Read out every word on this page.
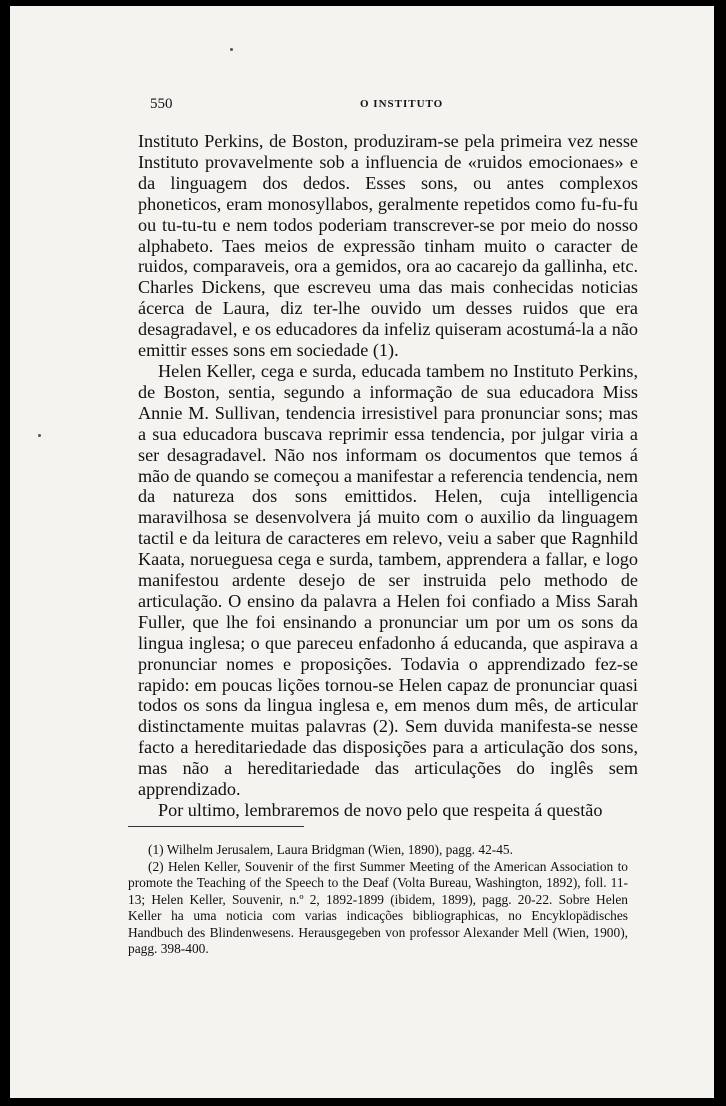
550	O INSTITUTO

Instituto Perkins, de Boston, produziram-se pela primeira vez nesse Instituto provavelmente sob a influencia de «ruidos emocionaes» e da linguagem dos dedos. Esses sons, ou antes complexos phoneticos, eram monosyllabos, geralmente repetidos como fu-fu-fu ou tu-tu-tu e nem todos poderiam transcrever-se por meio do nosso alphabeto. Taes meios de expressão tinham muito o caracter de ruidos, comparaveis, ora a gemidos, ora ao cacarejo da gallinha, etc. Charles Dickens, que escreveu uma das mais conhecidas noticias ácerca de Laura, diz ter-lhe ouvido um desses ruidos que era desagradavel, e os educadores da infeliz quiseram acostumá-la a não emittir esses sons em sociedade (1).

Helen Keller, cega e surda, educada tambem no Instituto Perkins, de Boston, sentia, segundo a informação de sua educadora Miss Annie M. Sullivan, tendencia irresistivel para pronunciar sons; mas a sua educadora buscava reprimir essa tendencia, por julgar viria a ser desagradavel. Não nos informam os documentos que temos á mão de quando se começou a manifestar a referencia tendencia, nem da natureza dos sons emittidos. Helen, cuja intelligencia maravilhosa se desenvolvera já muito com o auxilio da linguagem tactil e da leitura de caracteres em relevo, veiu a saber que Ragnhild Kaata, norueguesa cega e surda, tambem, apprendera a fallar, e logo manifestou ardente desejo de ser instruida pelo methodo de articulação. O ensino da palavra a Helen foi confiado a Miss Sarah Fuller, que lhe foi ensinando a pronunciar um por um os sons da lingua inglesa; o que pareceu enfadonho á educanda, que aspirava a pronunciar nomes e proposições. Todavia o apprendizado fez-se rapido: em poucas lições tornou-se Helen capaz de pronunciar quasi todos os sons da lingua inglesa e, em menos dum mês, de articular distinctamente muitas palavras (2). Sem duvida manifesta-se nesse facto a hereditariedade das disposições para a articulação dos sons, mas não a hereditariedade das articulações do inglês sem apprendizado.

Por ultimo, lembraremos de novo pelo que respeita á questão

(1) Wilhelm Jerusalem, Laura Bridgman (Wien, 1890), pagg. 42-45.

(2) Helen Keller, Souvenir of the first Summer Meeting of the American Association to promote the Teaching of the Speech to the Deaf (Volta Bureau, Washington, 1892), foll. 11-13; Helen Keller, Souvenir, n.º 2, 1892-1899 (ibidem, 1899), pagg. 20-22. Sobre Helen Keller ha uma noticia com varias indicações bibliographicas, no Encyklopädisches Handbuch des Blindenwesens. Herausgegeben von professor Alexander Mell (Wien, 1900), pagg. 398-400.
